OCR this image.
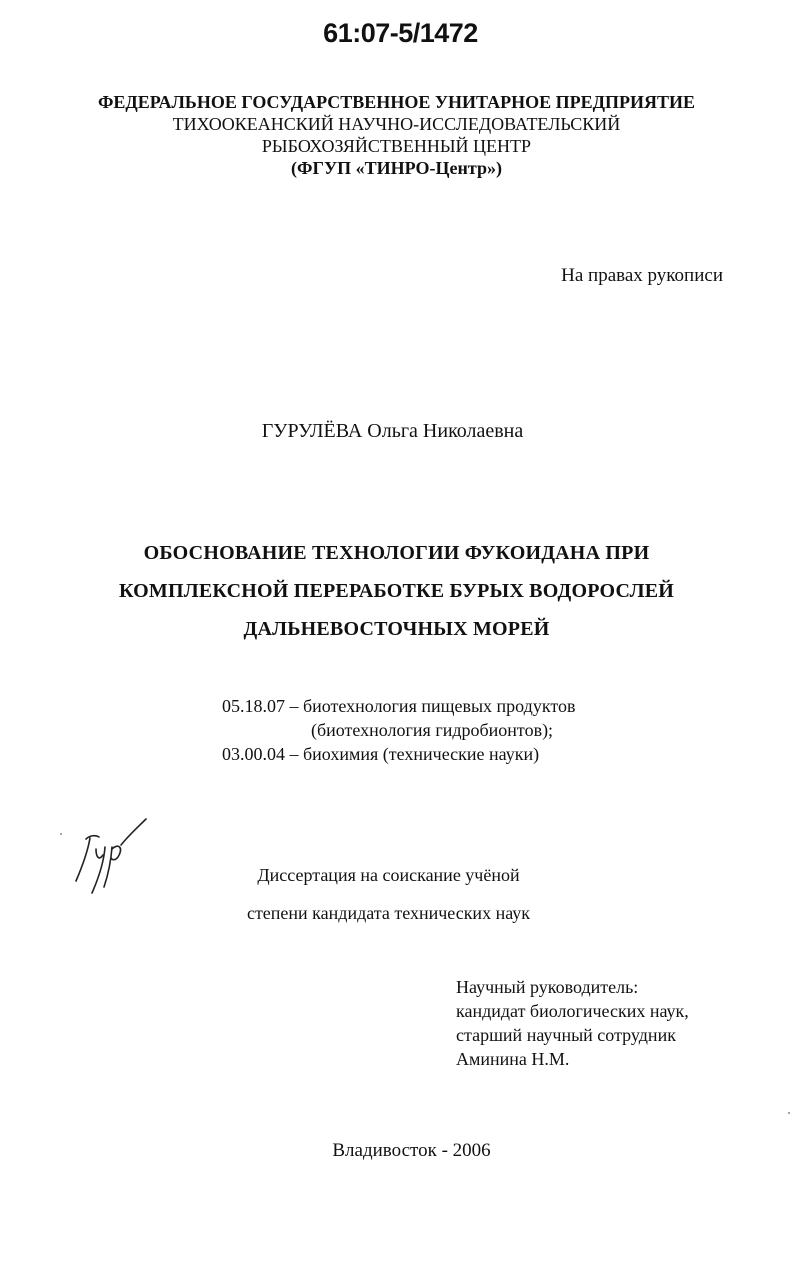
61:07-5/1472
ФЕДЕРАЛЬНОЕ ГОСУДАРСТВЕННОЕ УНИТАРНОЕ ПРЕДПРИЯТИЕ
ТИХООКЕАНСКИЙ НАУЧНО-ИССЛЕДОВАТЕЛЬСКИЙ
РЫБОХОЗЯЙСТВЕННЫЙ ЦЕНТР
(ФГУП «ТИНРО-Центр»)
На правах рукописи
ГУРУЛЁВА Ольга Николаевна
ОБОСНОВАНИЕ ТЕХНОЛОГИИ ФУКОИДАНА ПРИ
КОМПЛЕКСНОЙ ПЕРЕРАБОТКЕ БУРЫХ ВОДОРОСЛЕЙ
ДАЛЬНЕВОСТОЧНЫХ МОРЕЙ
05.18.07 – биотехнология пищевых продуктов
(биотехнология гидробионтов);
03.00.04 – биохимия (технические науки)
Диссертация на соискание учёной
степени кандидата технических наук
Научный руководитель:
кандидат биологических наук,
старший научный сотрудник
Аминина Н.М.
Владивосток - 2006
